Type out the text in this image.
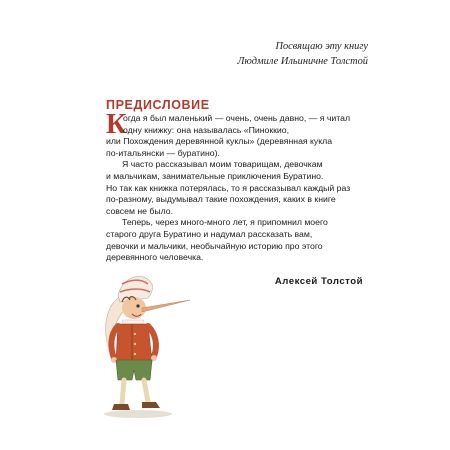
Посвящаю эту книгу
Людмиле Ильиничне Толстой
ПРЕДИСЛОВИЕ
К
огда я был маленький — очень, очень давно, — я читал
одну книжку: она называлась «Пиноккио,
или Похождения деревянной куклы» (деревянная кукла
по-итальянски — буратино).
Я часто рассказывал моим товарищам, девочкам
и мальчикам, занимательные приключения Буратино.
Но так как книжка потерялась, то я рассказывал каждый раз
по-разному, выдумывал такие похождения, каких в книге
совсем не было.
Теперь, через много-много лет, я припомнил моего
старого друга Буратино и надумал рассказать вам,
девочки и мальчики, необычайную историю про этого
деревянного человечка.
Алексей Толстой
